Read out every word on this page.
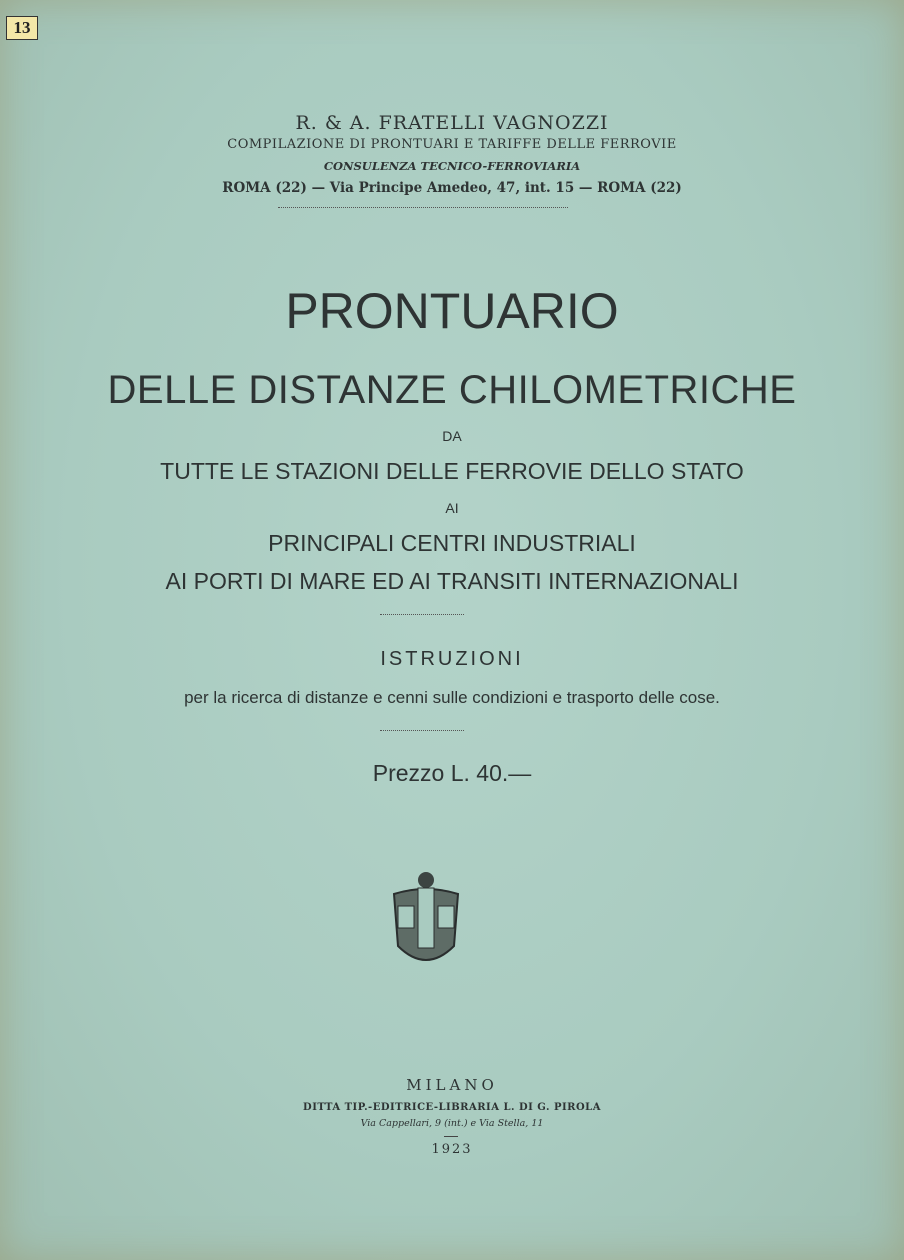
13
R. & A. FRATELLI VAGNOZZI
COMPILAZIONE DI PRONTUARI E TARIFFE DELLE FERROVIE
CONSULENZA TECNICO-FERROVIARIA
ROMA (22) — Via Principe Amedeo, 47, int. 15 — ROMA (22)
PRONTUARIO
DELLE DISTANZE CHILOMETRICHE
DA
TUTTE LE STAZIONI DELLE FERROVIE DELLO STATO
AI
PRINCIPALI CENTRI INDUSTRIALI
AI PORTI DI MARE ED AI TRANSITI INTERNAZIONALI
ISTRUZIONI
per la ricerca di distanze e cenni sulle condizioni e trasporto delle cose.
Prezzo L. 40.—
MILANO
DITTA TIP.-EDITRICE-LIBRARIA L. DI G. PIROLA
Via Cappellari, 9 (int.) e Via Stella, 11
1923
